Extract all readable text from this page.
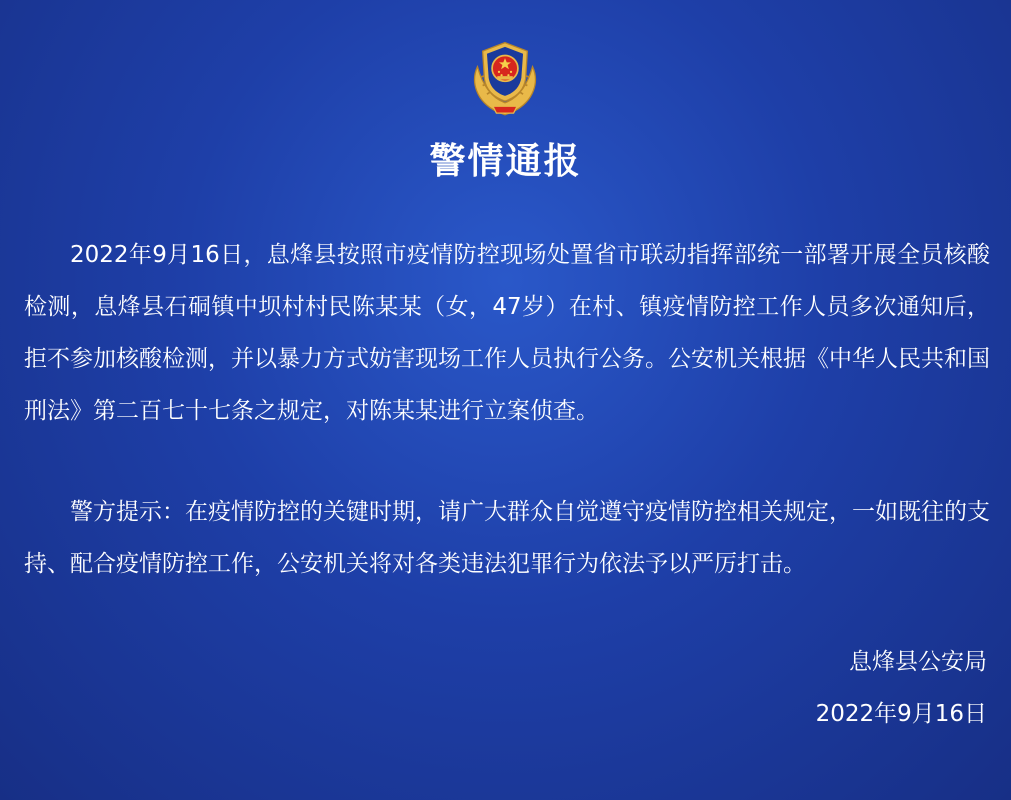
警情通报

2022年9月16日，息烽县按照市疫情防控现场处置省市联动指挥部统一部署开展全员核酸检测，息烽县石硐镇中坝村村民陈某某（女，47岁）在村、镇疫情防控工作人员多次通知后，拒不参加核酸检测，并以暴力方式妨害现场工作人员执行公务。公安机关根据《中华人民共和国刑法》第二百七十七条之规定，对陈某某进行立案侦查。

警方提示：在疫情防控的关键时期，请广大群众自觉遵守疫情防控相关规定，一如既往的支持、配合疫情防控工作，公安机关将对各类违法犯罪行为依法予以严厉打击。

息烽县公安局
2022年9月16日
